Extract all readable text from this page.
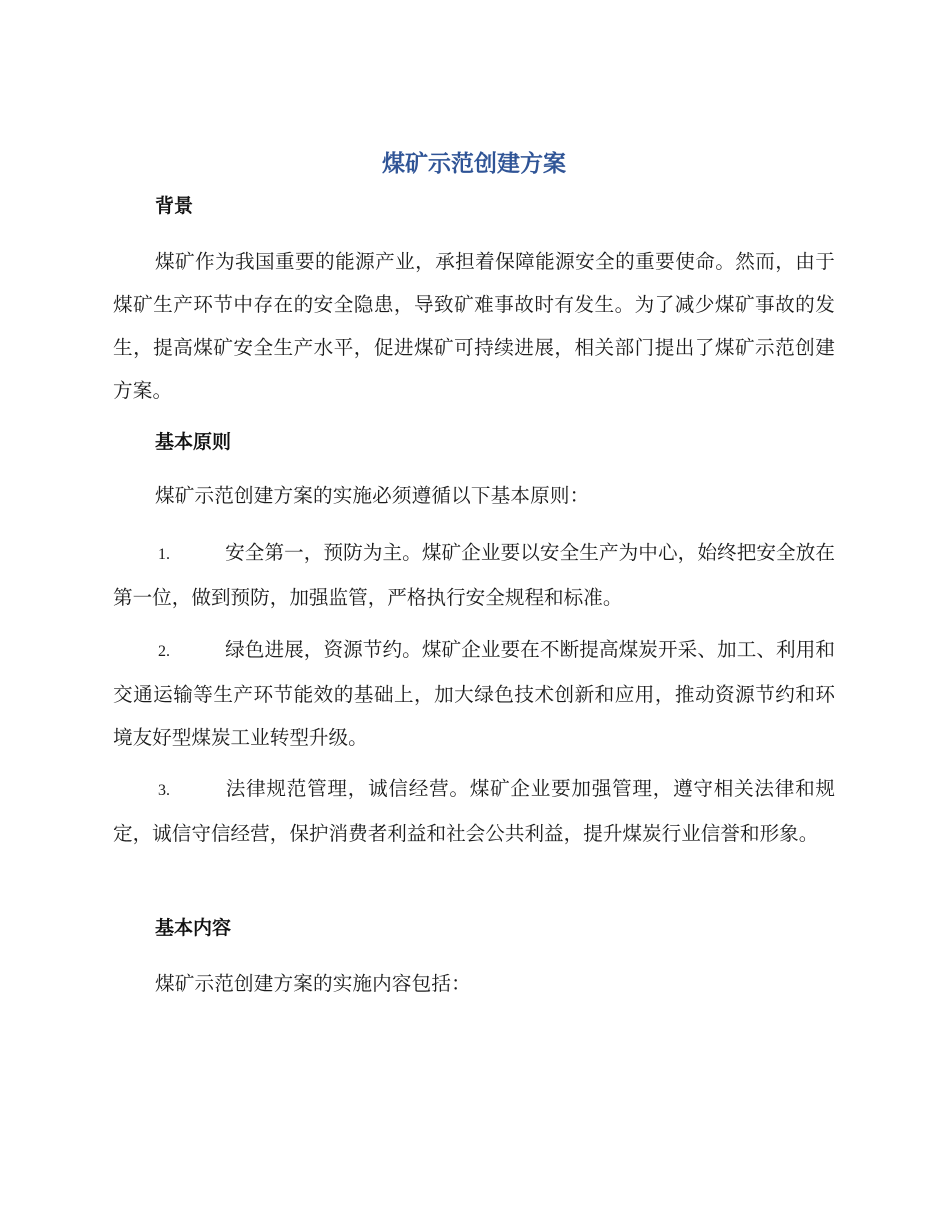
煤矿示范创建方案
背景

煤矿作为我国重要的能源产业，承担着保障能源安全的重要使命。然而，由于煤矿生产环节中存在的安全隐患，导致矿难事故时有发生。为了减少煤矿事故的发生，提高煤矿安全生产水平，促进煤矿可持续进展，相关部门提出了煤矿示范创建方案。

基本原则

煤矿示范创建方案的实施必须遵循以下基本原则：

1.	安全第一，预防为主。煤矿企业要以安全生产为中心，始终把安全放在第一位，做到预防，加强监管，严格执行安全规程和标准。

2.	绿色进展，资源节约。煤矿企业要在不断提高煤炭开采、加工、利用和交通运输等生产环节能效的基础上，加大绿色技术创新和应用，推动资源节约和环境友好型煤炭工业转型升级。

3.	法律规范管理，诚信经营。煤矿企业要加强管理，遵守相关法律和规定，诚信守信经营，保护消费者利益和社会公共利益，提升煤炭行业信誉和形象。

基本内容

煤矿示范创建方案的实施内容包括：
